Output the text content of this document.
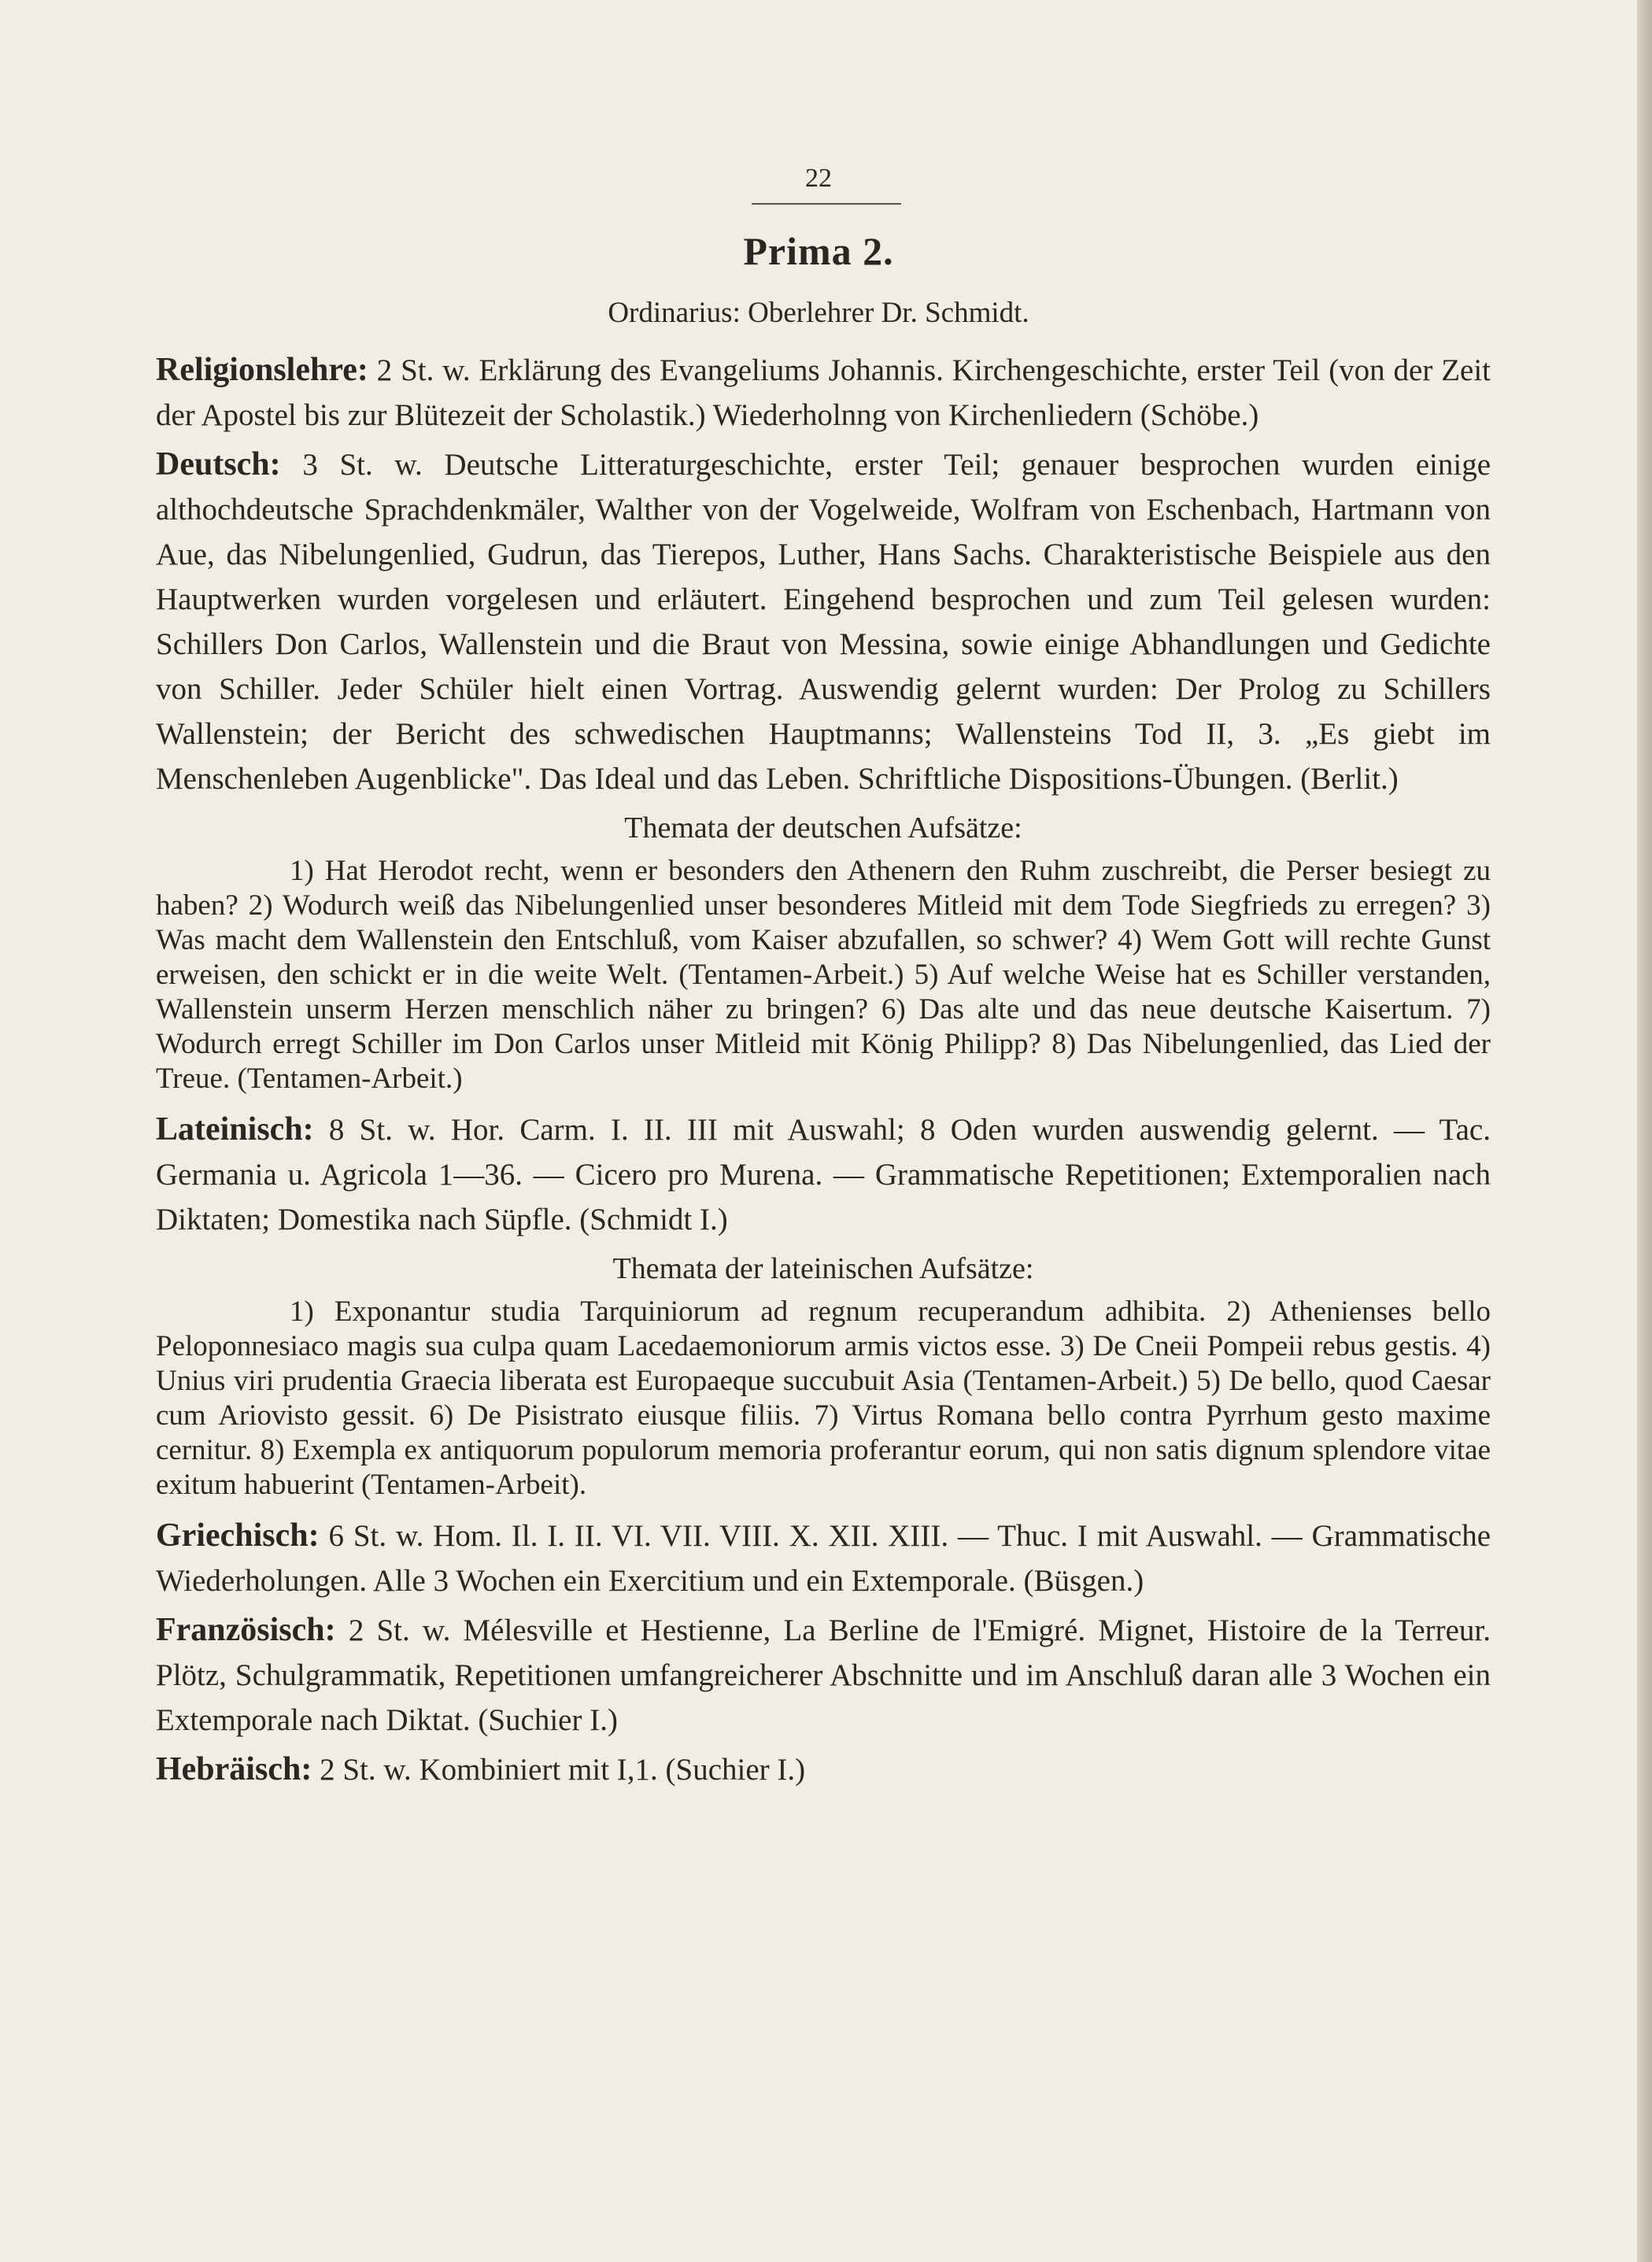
22
Prima 2.
Ordinarius: Oberlehrer Dr. Schmidt.

Religionslehre: 2 St. w. Erklärung des Evangeliums Johannis. Kirchengeschichte, erster Teil (von der Zeit der Apostel bis zur Blütezeit der Scholastik.) Wiederholnng von Kirchenliedern (Schöbe.)

Deutsch: 3 St. w. Deutsche Litteraturgeschichte, erster Teil; genauer besprochen wurden einige althochdeutsche Sprachdenkmäler, Walther von der Vogelweide, Wolfram von Eschenbach, Hartmann von Aue, das Nibelungenlied, Gudrun, das Tierepos, Luther, Hans Sachs. Charakteristische Beispiele aus den Hauptwerken wurden vorgelesen und erläutert. Eingehend besprochen und zum Teil gelesen wurden: Schillers Don Carlos, Wallenstein und die Braut von Messina, sowie einige Abhandlungen und Gedichte von Schiller. Jeder Schüler hielt einen Vortrag. Auswendig gelernt wurden: Der Prolog zu Schillers Wallenstein; der Bericht des schwedischen Hauptmanns; Wallensteins Tod II, 3. „Es giebt im Menschenleben Augenblicke". Das Ideal und das Leben. Schriftliche Dispositions-Übungen. (Berlit.)

Themata der deutschen Aufsätze:

1) Hat Herodot recht, wenn er besonders den Athenern den Ruhm zuschreibt, die Perser besiegt zu haben? 2) Wodurch weiß das Nibelungenlied unser besonderes Mitleid mit dem Tode Siegfrieds zu erregen? 3) Was macht dem Wallenstein den Entschluß, vom Kaiser abzufallen, so schwer? 4) Wem Gott will rechte Gunst erweisen, den schickt er in die weite Welt. (Tentamen-Arbeit.) 5) Auf welche Weise hat es Schiller verstanden, Wallenstein unserm Herzen menschlich näher zu bringen? 6) Das alte und das neue deutsche Kaisertum. 7) Wodurch erregt Schiller im Don Carlos unser Mitleid mit König Philipp? 8) Das Nibelungenlied, das Lied der Treue. (Tentamen-Arbeit.)

Lateinisch: 8 St. w. Hor. Carm. I. II. III mit Auswahl; 8 Oden wurden auswendig gelernt. — Tac. Germania u. Agricola 1—36. — Cicero pro Murena. — Grammatische Repetitionen; Extemporalien nach Diktaten; Domestika nach Süpfle. (Schmidt I.)

Themata der lateinischen Aufsätze:

1) Exponantur studia Tarquiniorum ad regnum recuperandum adhibita. 2) Athenienses bello Peloponnesiaco magis sua culpa quam Lacedaemoniorum armis victos esse. 3) De Cneii Pompeii rebus gestis. 4) Unius viri prudentia Graecia liberata est Europaeque succubuit Asia (Tentamen-Arbeit.) 5) De bello, quod Caesar cum Ariovisto gessit. 6) De Pisistrato eiusque filiis. 7) Virtus Romana bello contra Pyrrhum gesto maxime cernitur. 8) Exempla ex antiquorum populorum memoria proferantur eorum, qui non satis dignum splendore vitae exitum habuerint (Tentamen-Arbeit).

Griechisch: 6 St. w. Hom. Il. I. II. VI. VII. VIII. X. XII. XIII. — Thuc. I mit Auswahl. — Grammatische Wiederholungen. Alle 3 Wochen ein Exercitium und ein Extemporale. (Büsgen.)

Französisch: 2 St. w. Mélesville et Hestienne, La Berline de l'Emigré. Mignet, Histoire de la Terreur. Plötz, Schulgrammatik, Repetitionen umfangreicherer Abschnitte und im Anschluß daran alle 3 Wochen ein Extemporale nach Diktat. (Suchier I.)

Hebräisch: 2 St. w. Kombiniert mit I,1. (Suchier I.)
